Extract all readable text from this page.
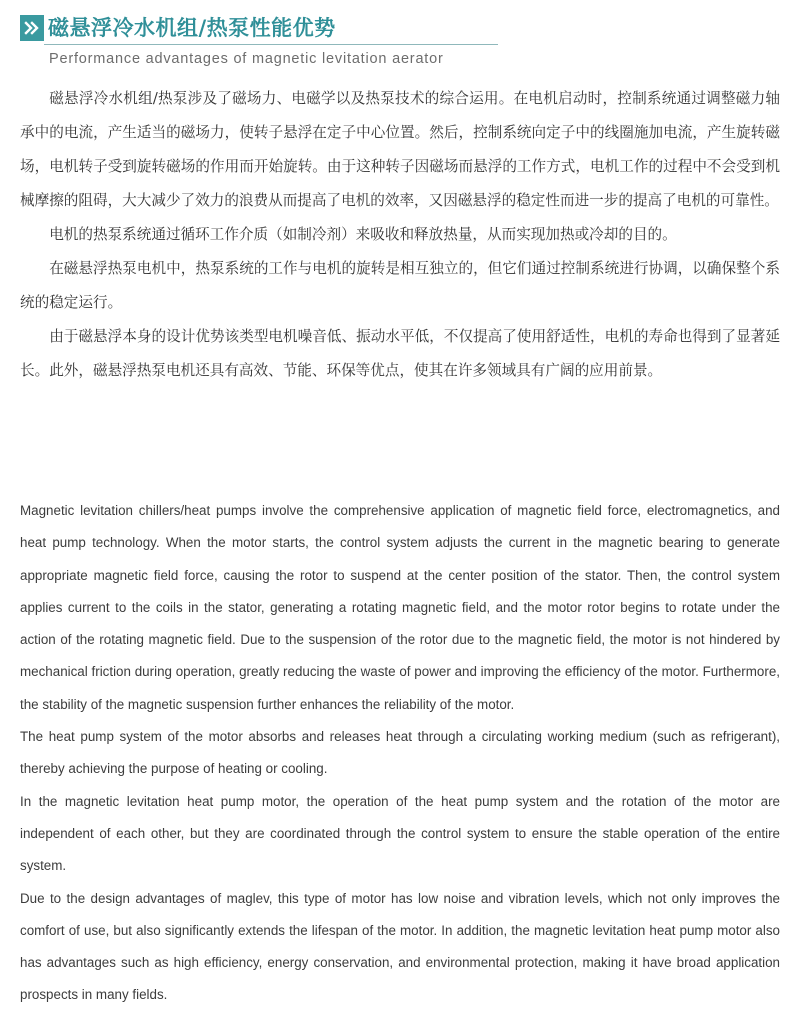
磁悬浮冷水机组/热泵性能优势
Performance advantages of magnetic levitation aerator

磁悬浮冷水机组/热泵涉及了磁场力、电磁学以及热泵技术的综合运用。在电机启动时，控制系统通过调整磁力轴承中的电流，产生适当的磁场力，使转子悬浮在定子中心位置。然后，控制系统向定子中的线圈施加电流，产生旋转磁场，电机转子受到旋转磁场的作用而开始旋转。由于这种转子因磁场而悬浮的工作方式，电机工作的过程中不会受到机械摩擦的阻碍，大大减少了效力的浪费从而提高了电机的效率，又因磁悬浮的稳定性而进一步的提高了电机的可靠性。

电机的热泵系统通过循环工作介质（如制冷剂）来吸收和释放热量，从而实现加热或冷却的目的。

在磁悬浮热泵电机中，热泵系统的工作与电机的旋转是相互独立的，但它们通过控制系统进行协调，以确保整个系统的稳定运行。

由于磁悬浮本身的设计优势该类型电机噪音低、振动水平低，不仅提高了使用舒适性，电机的寿命也得到了显著延长。此外，磁悬浮热泵电机还具有高效、节能、环保等优点，使其在许多领域具有广阔的应用前景。

Magnetic levitation chillers/heat pumps involve the comprehensive application of magnetic field force, electromagnetics, and heat pump technology. When the motor starts, the control system adjusts the current in the magnetic bearing to generate appropriate magnetic field force, causing the rotor to suspend at the center position of the stator. Then, the control system applies current to the coils in the stator, generating a rotating magnetic field, and the motor rotor begins to rotate under the action of the rotating magnetic field. Due to the suspension of the rotor due to the magnetic field, the motor is not hindered by mechanical friction during operation, greatly reducing the waste of power and improving the efficiency of the motor. Furthermore, the stability of the magnetic suspension further enhances the reliability of the motor.

The heat pump system of the motor absorbs and releases heat through a circulating working medium (such as refrigerant), thereby achieving the purpose of heating or cooling.

In the magnetic levitation heat pump motor, the operation of the heat pump system and the rotation of the motor are independent of each other, but they are coordinated through the control system to ensure the stable operation of the entire system.

Due to the design advantages of maglev, this type of motor has low noise and vibration levels, which not only improves the comfort of use, but also significantly extends the lifespan of the motor. In addition, the magnetic levitation heat pump motor also has advantages such as high efficiency, energy conservation, and environmental protection, making it have broad application prospects in many fields.
